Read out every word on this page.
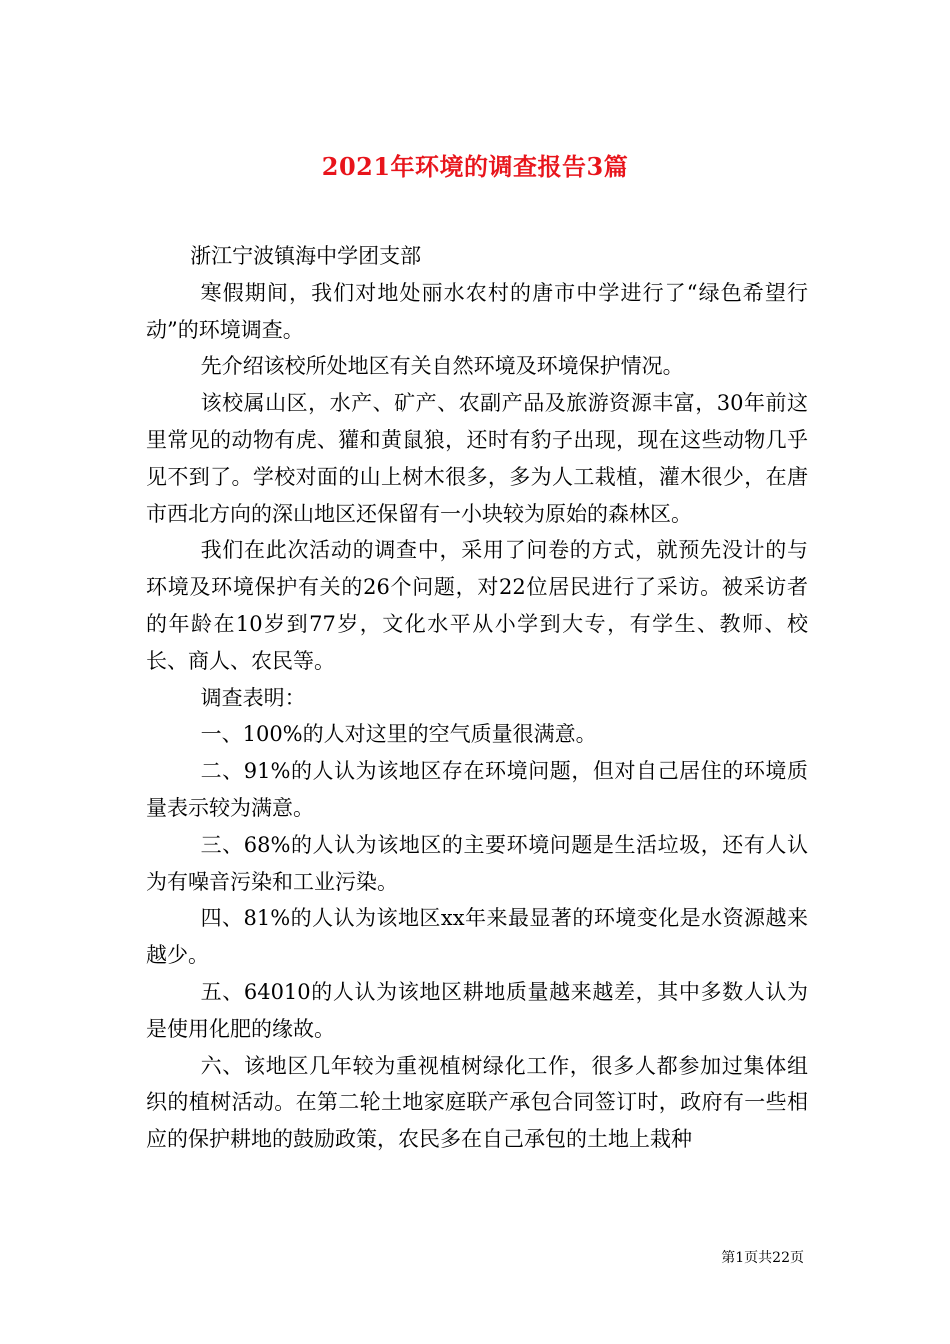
2021年环境的调查报告3篇

浙江宁波镇海中学团支部

寒假期间，我们对地处丽水农村的唐市中学进行了“绿色希望行动”的环境调查。

先介绍该校所处地区有关自然环境及环境保护情况。

该校属山区，水产、矿产、农副产品及旅游资源丰富，30年前这里常见的动物有虎、獾和黄鼠狼，还时有豹子出现，现在这些动物几乎见不到了。学校对面的山上树木很多，多为人工栽植，灌木很少，在唐市西北方向的深山地区还保留有一小块较为原始的森林区。

我们在此次活动的调查中，采用了问卷的方式，就预先没计的与环境及环境保护有关的26个问题，对22位居民进行了采访。被采访者的年龄在10岁到77岁，文化水平从小学到大专，有学生、教师、校长、商人、农民等。

调查表明：

一、100%的人对这里的空气质量很满意。

二、91%的人认为该地区存在环境问题，但对自己居住的环境质量表示较为满意。

三、68%的人认为该地区的主要环境问题是生活垃圾，还有人认为有噪音污染和工业污染。

四、81%的人认为该地区xx年来最显著的环境变化是水资源越来越少。

五、64010的人认为该地区耕地质量越来越差，其中多数人认为是使用化肥的缘故。

六、该地区几年较为重视植树绿化工作，很多人都参加过集体组织的植树活动。在第二轮土地家庭联产承包合同签订时，政府有一些相应的保护耕地的鼓励政策，农民多在自己承包的土地上栽种

第1页共22页
